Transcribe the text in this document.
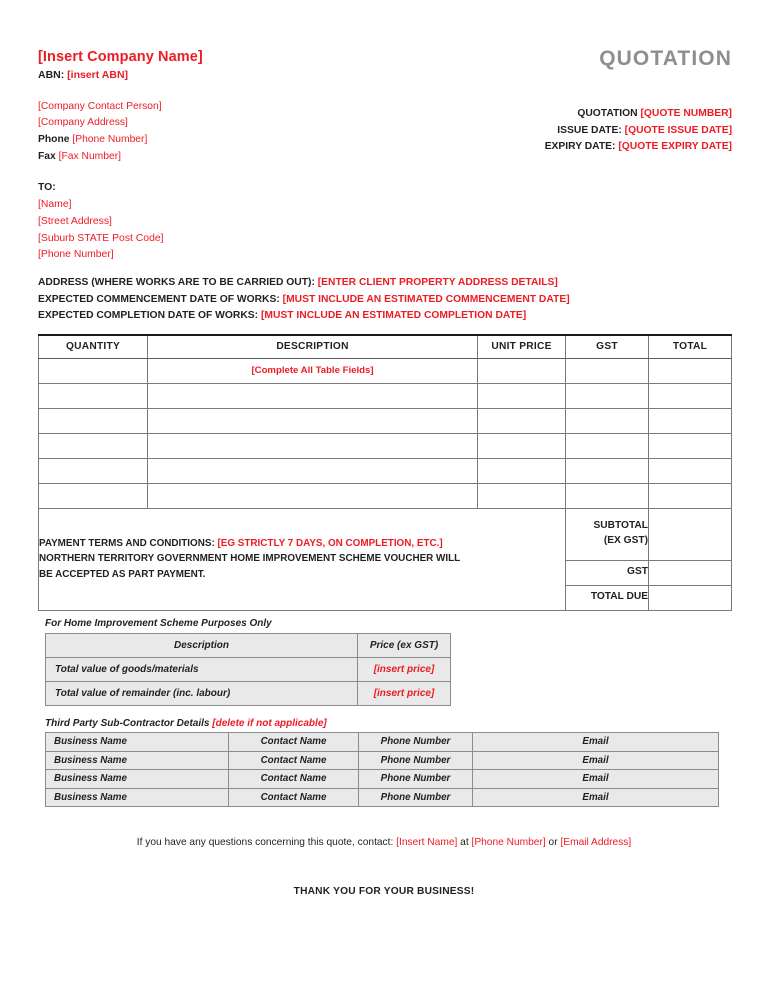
[Insert Company Name]
ABN: [insert ABN]
[Company Contact Person]
[Company Address]
Phone [Phone Number]
Fax [Fax Number]
QUOTATION
QUOTATION [QUOTE NUMBER]
ISSUE DATE: [QUOTE ISSUE DATE]
EXPIRY DATE: [QUOTE EXPIRY DATE]
TO:
[Name]
[Street Address]
[Suburb STATE Post Code]
[Phone Number]
ADDRESS (WHERE WORKS ARE TO BE CARRIED OUT): [ENTER CLIENT PROPERTY ADDRESS DETAILS]
EXPECTED COMMENCEMENT DATE OF WORKS: [MUST INCLUDE AN ESTIMATED COMMENCEMENT DATE]
EXPECTED COMPLETION DATE OF WORKS: [MUST INCLUDE AN ESTIMATED COMPLETION DATE]
QUANTITY	DESCRIPTION	UNIT PRICE	GST	TOTAL
	[Complete All Table Fields]			

PAYMENT TERMS AND CONDITIONS: [EG STRICTLY 7 DAYS, ON COMPLETION, ETC.]
NORTHERN TERRITORY GOVERNMENT HOME IMPROVEMENT SCHEME VOUCHER WILL
BE ACCEPTED AS PART PAYMENT.

SUBTOTAL
(EX GST)

			GST	
			TOTAL DUE	
For Home Improvement Scheme Purposes Only
Description	Price (ex GST)
Total value of goods/materials	[insert price]
Total value of remainder (inc. labour)	[insert price]
Third Party Sub-Contractor Details [delete if not applicable]
Business Name	Contact Name	Phone Number	Email
Business Name	Contact Name	Phone Number	Email
Business Name	Contact Name	Phone Number	Email
Business Name	Contact Name	Phone Number	Email
If you have any questions concerning this quote, contact: [Insert Name] at [Phone Number] or [Email Address]
THANK YOU FOR YOUR BUSINESS!
